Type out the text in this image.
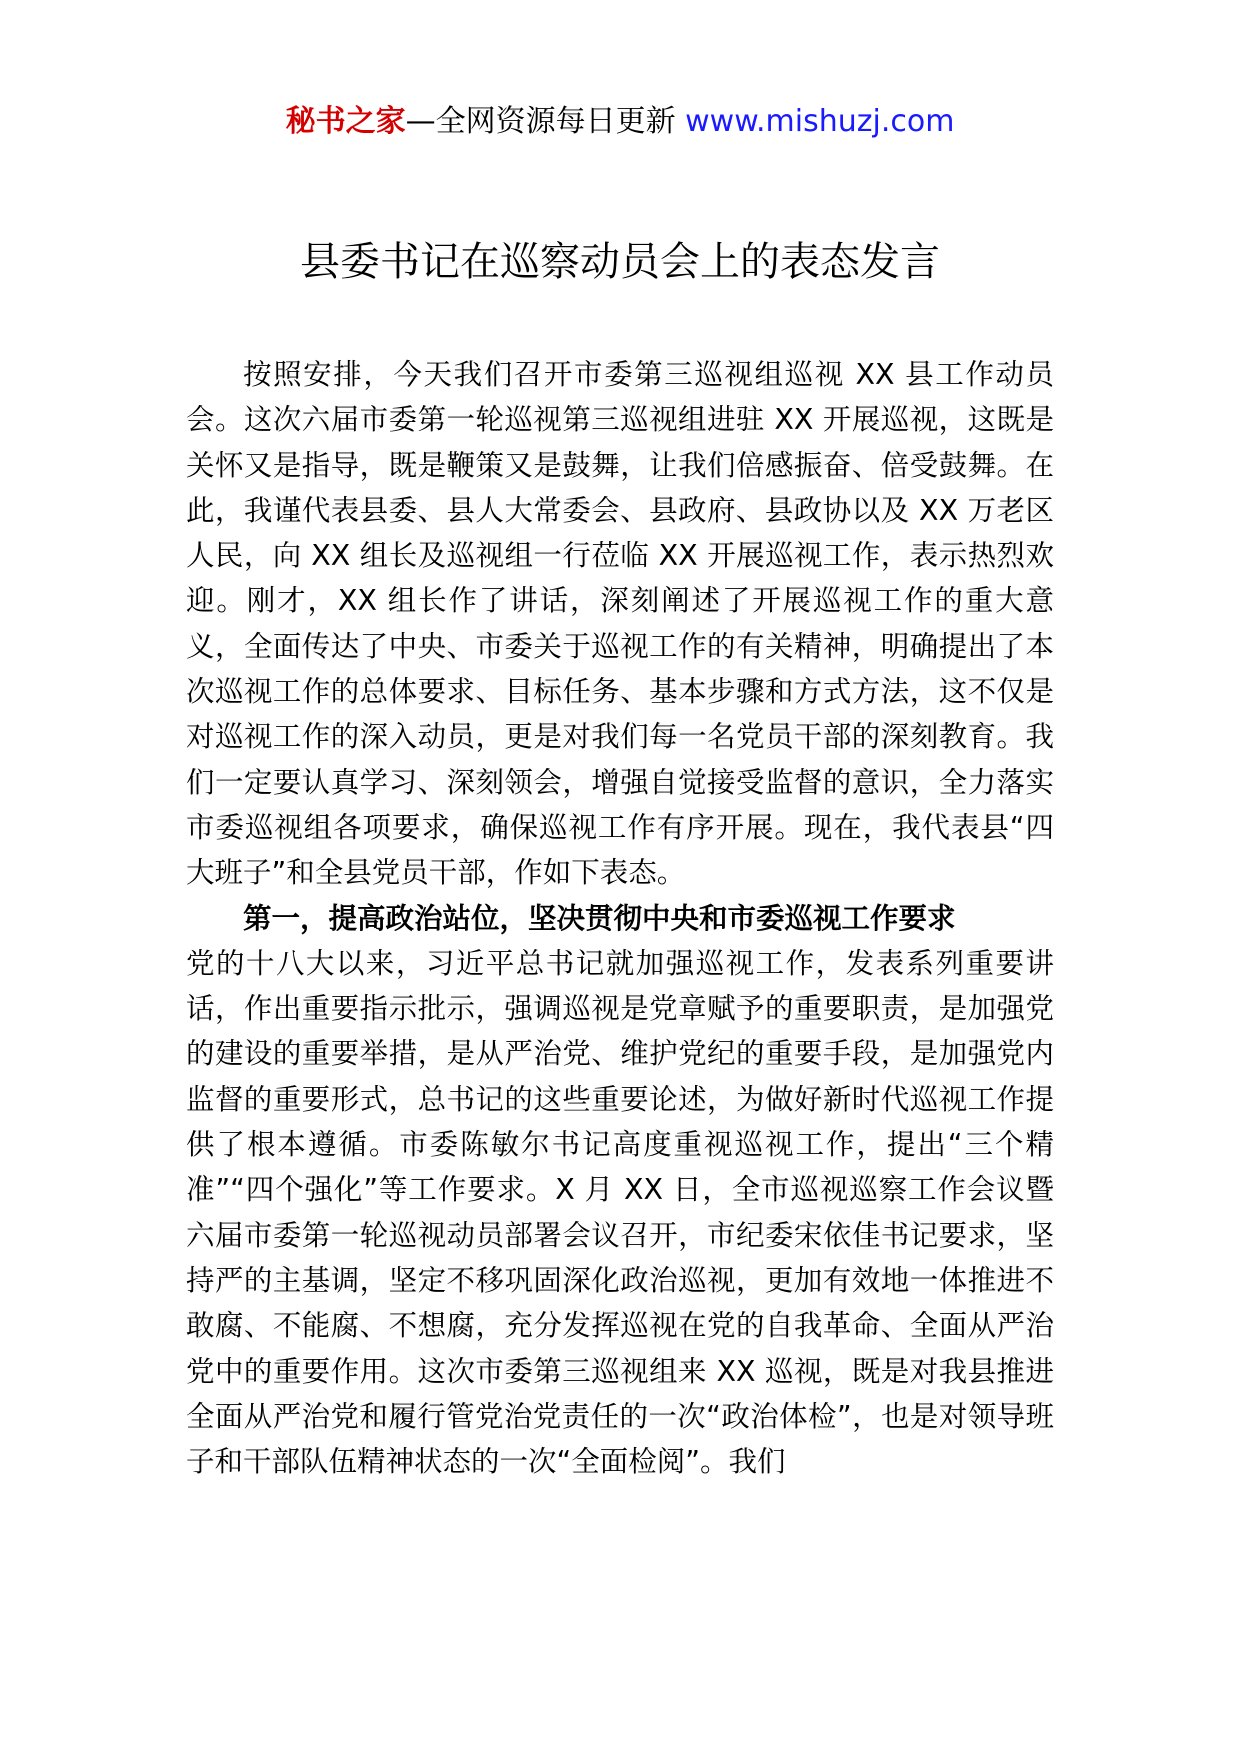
秘书之家—全网资源每日更新 www.mishuzj.com
县委书记在巡察动员会上的表态发言

按照安排，今天我们召开市委第三巡视组巡视 XX 县工作动员会。这次六届市委第一轮巡视第三巡视组进驻 XX 开展巡视，这既是关怀又是指导，既是鞭策又是鼓舞，让我们倍感振奋、倍受鼓舞。在此，我谨代表县委、县人大常委会、县政府、县政协以及 XX 万老区人民，向 XX 组长及巡视组一行莅临 XX 开展巡视工作，表示热烈欢迎。刚才，XX 组长作了讲话，深刻阐述了开展巡视工作的重大意义，全面传达了中央、市委关于巡视工作的有关精神，明确提出了本次巡视工作的总体要求、目标任务、基本步骤和方式方法，这不仅是对巡视工作的深入动员，更是对我们每一名党员干部的深刻教育。我们一定要认真学习、深刻领会，增强自觉接受监督的意识，全力落实市委巡视组各项要求，确保巡视工作有序开展。现在，我代表县“四大班子”和全县党员干部，作如下表态。

第一，提高政治站位，坚决贯彻中央和市委巡视工作要求

党的十八大以来，习近平总书记就加强巡视工作，发表系列重要讲话，作出重要指示批示，强调巡视是党章赋予的重要职责，是加强党的建设的重要举措，是从严治党、维护党纪的重要手段，是加强党内监督的重要形式，总书记的这些重要论述，为做好新时代巡视工作提供了根本遵循。市委陈敏尔书记高度重视巡视工作，提出“三个精准”“四个强化”等工作要求。X 月 XX 日，全市巡视巡察工作会议暨六届市委第一轮巡视动员部署会议召开，市纪委宋依佳书记要求，坚持严的主基调，坚定不移巩固深化政治巡视，更加有效地一体推进不敢腐、不能腐、不想腐，充分发挥巡视在党的自我革命、全面从严治党中的重要作用。这次市委第三巡视组来 XX 巡视，既是对我县推进全面从严治党和履行管党治党责任的一次“政治体检”，也是对领导班子和干部队伍精神状态的一次“全面检阅”。我们
